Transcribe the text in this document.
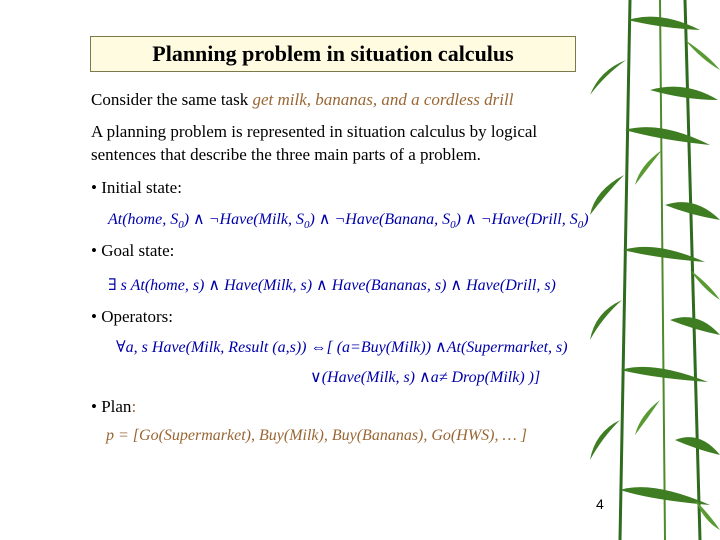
Planning problem in situation calculus
Consider the same task get milk, bananas, and a cordless drill
A planning problem is represented in situation calculus by logical
sentences that describe the three main parts of a problem.
• Initial state:
At(home, $S_0$) ∧ ¬Have(Milk, $S_0$) ∧ ¬Have(Banana, $S_0$) ∧ ¬Have(Drill, $S_0$)
• Goal state:
∃ s At(home, s) ∧ Have(Milk, s) ∧ Have(Bananas, s) ∧ Have(Drill, s)
• Operators:
∀a, s Have(Milk, Result (a,s)) ⇔[ (a=Buy(Milk)) ∧At(Supermarket, s)
∨(Have(Milk, s) ∧a≠ Drop(Milk) )]
• Plan:
p = [Go(Supermarket), Buy(Milk), Buy(Bananas), Go(HWS), … ]
4
